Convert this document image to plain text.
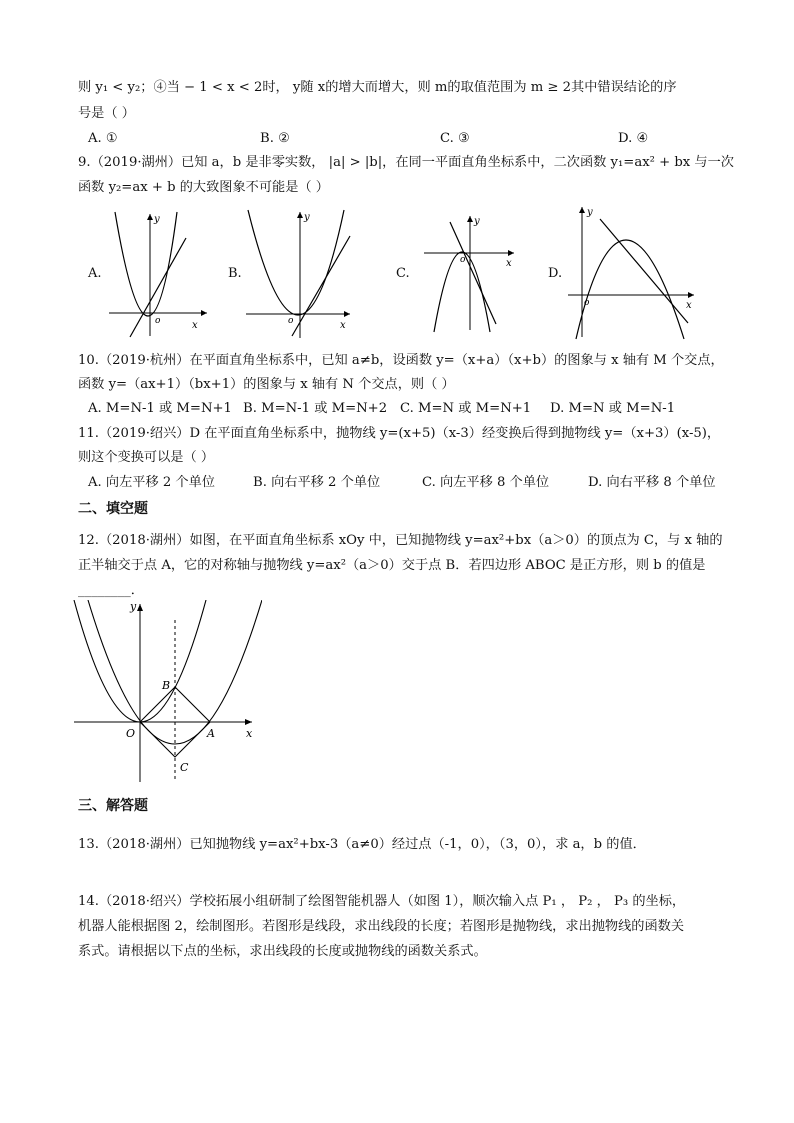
则 y₁ < y₂；④当 − 1 < x < 2时， y随 x的增大而增大，则 m的取值范围为 m ≥ 2其中错误结论的序
号是（ ）
A. ①	B. ②	C. ③	D. ④
9.（2019·湖州）已知 a，b 是非零实数， |a| > |b|，在同一平面直角坐标系中，二次函数 y₁=ax² + bx 与一次
函数 y₂=ax + b 的大致图象不可能是（ ）
A.
x
y
o
B.
x
y
o
C.
x
y
o
D.
x
y
o
10.（2019·杭州）在平面直角坐标系中，已知 a≠b，设函数 y=（x+a）（x+b）的图象与 x 轴有 M 个交点，
函数 y=（ax+1）（bx+1）的图象与 x 轴有 N 个交点，则（ ）
A. M=N-1 或 M=N+1 B. M=N-1 或 M=N+2 C. M=N 或 M=N+1 D. M=N 或 M=N-1
11.（2019·绍兴）D 在平面直角坐标系中，抛物线 y=(x+5)（x-3）经变换后得到抛物线 y=（x+3）(x-5)，
则这个变换可以是（ ）
A. 向左平移 2 个单位	B. 向右平移 2 个单位	C. 向左平移 8 个单位	D. 向右平移 8 个单位
二、填空题
12.（2018·湖州）如图，在平面直角坐标系 xOy 中，已知抛物线 y=ax²+bx（a＞0）的顶点为 C，与 x 轴的
正半轴交于点 A，它的对称轴与抛物线 y=ax²（a＞0）交于点 B．若四边形 ABOC 是正方形，则 b 的值是
________．
y
x
O	A
B
C
三、解答题
13.（2018·湖州）已知抛物线 y=ax²+bx-3（a≠0）经过点（-1，0），（3，0），求 a，b 的值．
14.（2018·绍兴）学校拓展小组研制了绘图智能机器人（如图 1），顺次输入点 P₁ ， P₂ ， P₃ 的坐标，
机器人能根据图 2，绘制图形。若图形是线段，求出线段的长度；若图形是抛物线，求出抛物线的函数关
系式。请根据以下点的坐标，求出线段的长度或抛物线的函数关系式。
